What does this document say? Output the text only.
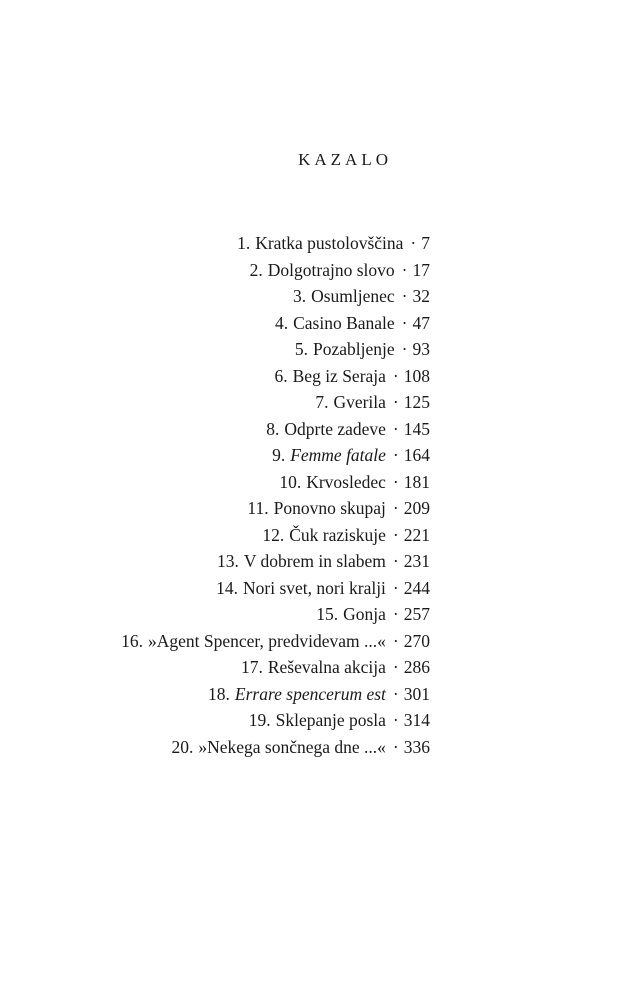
KAZALO
1. Kratka pustolovščina · 7
2. Dolgotrajno slovo · 17
3. Osumljenec · 32
4. Casino Banale · 47
5. Pozabljenje · 93
6. Beg iz Seraja · 108
7. Gverila · 125
8. Odprte zadeve · 145
9. Femme fatale · 164
10. Krvosledec · 181
11. Ponovno skupaj · 209
12. Čuk raziskuje · 221
13. V dobrem in slabem · 231
14. Nori svet, nori kralji · 244
15. Gonja · 257
16. »Agent Spencer, predvidevam ...« · 270
17. Reševalna akcija · 286
18. Errare spencerum est · 301
19. Sklepanje posla · 314
20. »Nekega sončnega dne ...« · 336
